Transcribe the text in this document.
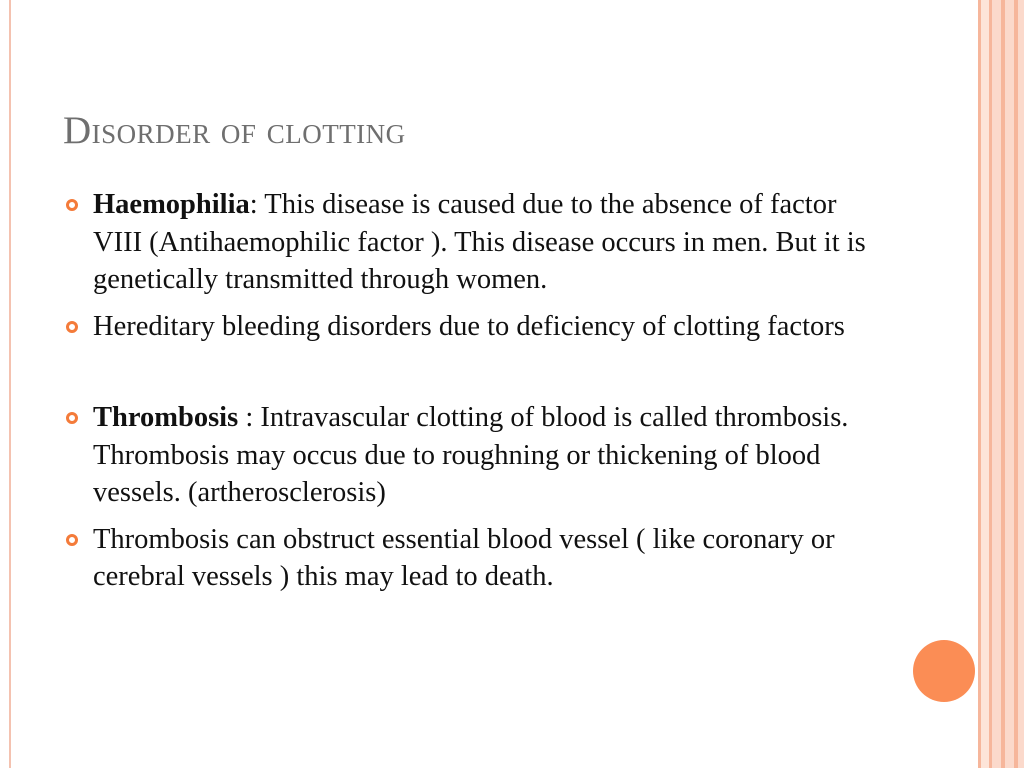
Disorder of clotting
Haemophilia: This disease is caused due to the absence of factor VIII (Antihaemophilic factor ). This disease occurs in men. But it is genetically transmitted through women.
Hereditary bleeding disorders due to deficiency of clotting factors
Thrombosis : Intravascular clotting of blood is called thrombosis. Thrombosis may occus due to roughning or thickening of blood vessels. (artherosclerosis)
Thrombosis can obstruct essential blood vessel ( like coronary or cerebral vessels ) this may lead to death.
